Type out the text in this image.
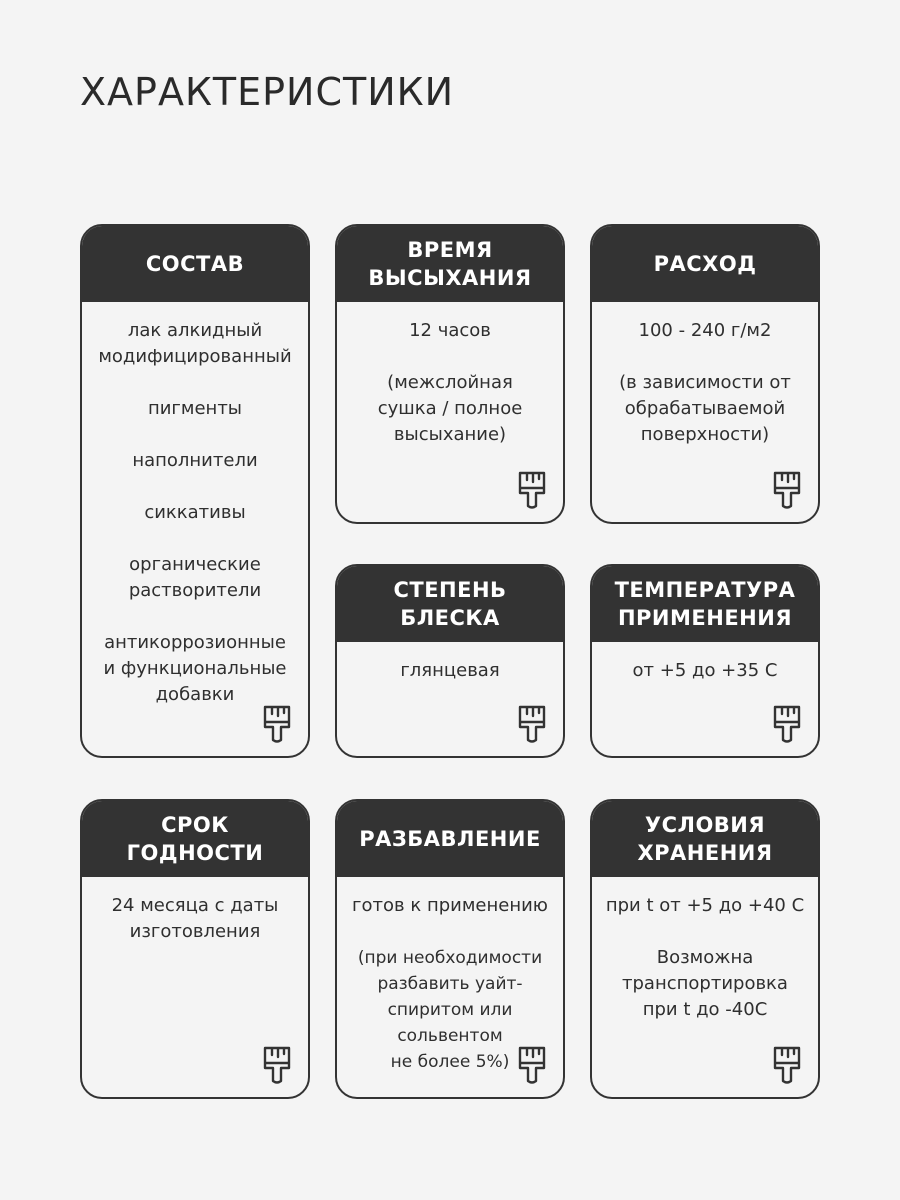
ХАРАКТЕРИСТИКИ
СОСТАВ

лак алкидный
модифицированный

пигменты

наполнители

сиккативы

органические
растворители

антикоррозионные
и функциональные
добавки

ВРЕМЯ
ВЫСЫХАНИЯ

12 часов

(межслойная
сушка / полное
высыхание)

РАСХОД

100 - 240 г/м2

(в зависимости от
обрабатываемой
поверхности)

СТЕПЕНЬ
БЛЕСКА

глянцевая

ТЕМПЕРАТУРА
ПРИМЕНЕНИЯ

от +5 до +35 С

СРОК
ГОДНОСТИ

24 месяца с даты
изготовления

РАЗБАВЛЕНИЕ

готов к применению

(при необходимости
разбавить уайт-
спиритом или
сольвентом
не более 5%)

УСЛОВИЯ
ХРАНЕНИЯ

при t от +5 до +40 С

Возможна
транспортировка
при t до -40С
